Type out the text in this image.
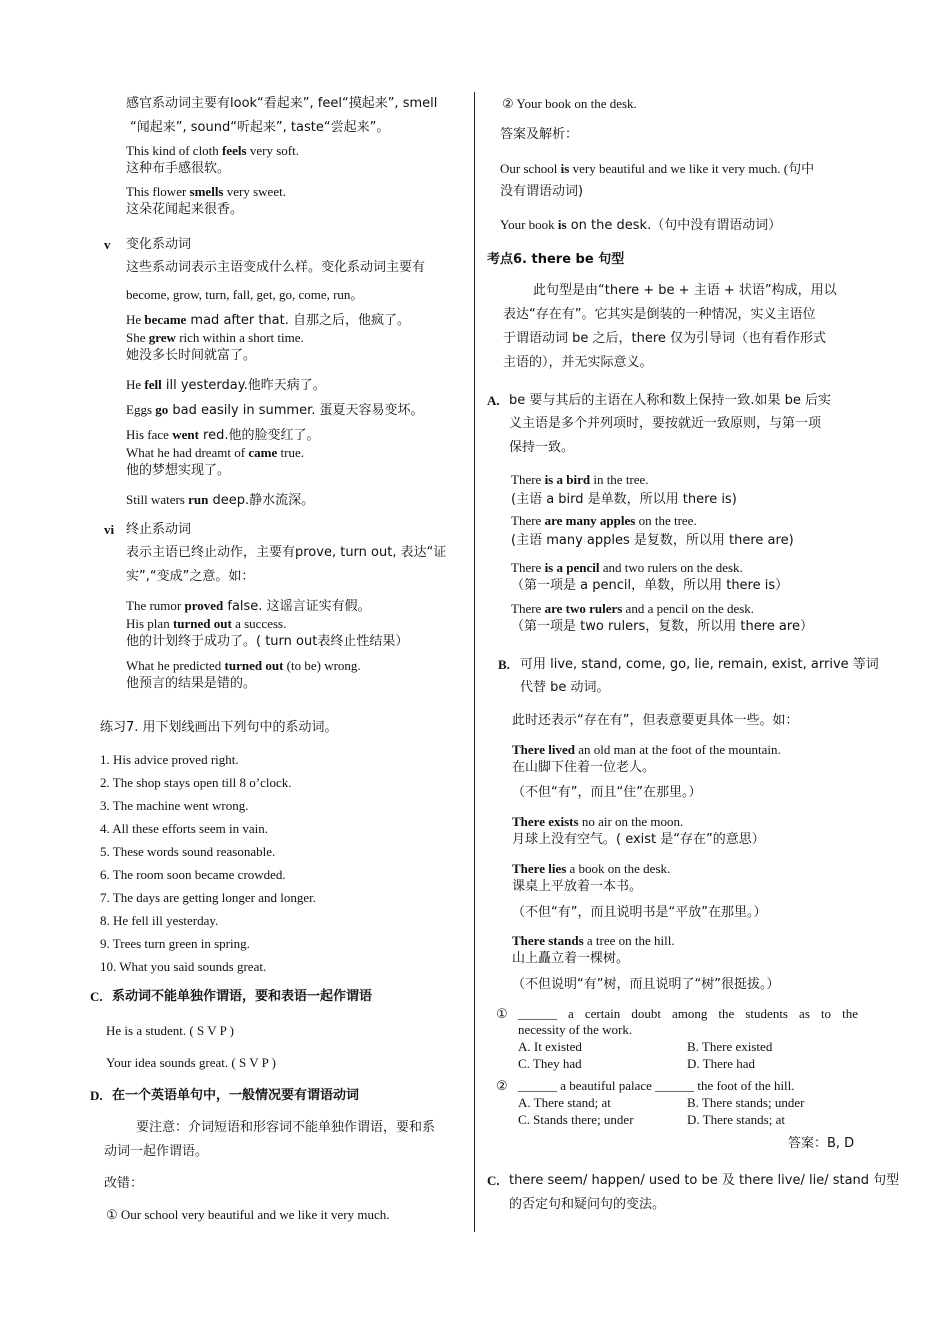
感官系动词主要有look“看起来”, feel“摸起来”, smell
“闻起来”, sound“听起来”, taste“尝起来”。
This kind of cloth feels very soft.
这种布手感很软。
This flower smells very sweet.
这朵花闻起来很香。
v 变化系动词
这些系动词表示主语变成什么样。变化系动词主要有
become, grow, turn, fall, get, go, come, run。
He became mad after that. 自那之后，他疯了。
She grew rich within a short time.
她没多长时间就富了。
He fell ill yesterday.他昨天病了。
Eggs go bad easily in summer. 蛋夏天容易变坏。
His face went red.他的脸变红了。
What he had dreamt of came true.
他的梦想实现了。
Still waters run deep.静水流深。
vi 终止系动词
表示主语已终止动作，主要有prove, turn out, 表达“证
实”,“变成”之意。如：
The rumor proved false. 这谣言证实有假。
His plan turned out a success.
他的计划终于成功了。( turn out表终止性结果）
What he predicted turned out (to be) wrong.
他预言的结果是错的。
练习7. 用下划线画出下列句中的系动词。
1. His advice proved right.
2. The shop stays open till 8 o’clock.
3. The machine went wrong.
4. All these efforts seem in vain.
5. These words sound reasonable.
6. The room soon became crowded.
7. The days are getting longer and longer.
8. He fell ill yesterday.
9. Trees turn green in spring.
10. What you said sounds great.
C. 系动词不能单独作谓语，要和表语一起作谓语
He is a student. ( S V P )
Your idea sounds great. ( S V P )
D. 在一个英语单句中，一般情况要有谓语动词
要注意：介词短语和形容词不能单独作谓语，要和系
动词一起作谓语。
改错：
① Our school very beautiful and we like it very much.
② Your book on the desk.
答案及解析：
Our school is very beautiful and we like it very much. (句中
没有谓语动词)
Your book is on the desk.（句中没有谓语动词）
考点6. there be 句型
此句型是由“there + be + 主语 + 状语”构成，用以
表达“存在有”。它其实是倒装的一种情况，实义主语位
于谓语动词 be 之后，there 仅为引导词（也有看作形式
主语的），并无实际意义。
A. be 要与其后的主语在人称和数上保持一致.如果 be 后实
义主语是多个并列项时，要按就近一致原则，与第一项
保持一致。
There is a bird in the tree.
(主语 a bird 是单数，所以用 there is)
There are many apples on the tree.
(主语 many apples 是复数，所以用 there are)
There is a pencil and two rulers on the desk.
（第一项是 a pencil，单数，所以用 there is）
There are two rulers and a pencil on the desk.
（第一项是 two rulers，复数，所以用 there are）
B. 可用 live, stand, come, go, lie, remain, exist, arrive 等词
代替 be 动词。
此时还表示“存在有”，但表意要更具体一些。如：
There lived an old man at the foot of the mountain.
在山脚下住着一位老人。
（不但“有”，而且“住”在那里。）
There exists no air on the moon.
月球上没有空气。( exist 是“存在”的意思）
There lies a book on the desk.
课桌上平放着一本书。
（不但“有”，而且说明书是“平放”在那里。）
There stands a tree on the hill.
山上矗立着一棵树。
（不但说明“有”树，而且说明了“树”很挺拔。）
① ______ a certain doubt among the students as to the
necessity of the work.
A. It existed	B. There existed
C. They had	D. There had
② ______ a beautiful palace ______ the foot of the hill.
A. There stand; at	B. There stands; under
C. Stands there; under	D. There stands; at
答案：B, D
C. there seem/ happen/ used to be 及 there live/ lie/ stand 句型
的否定句和疑问句的变法。
